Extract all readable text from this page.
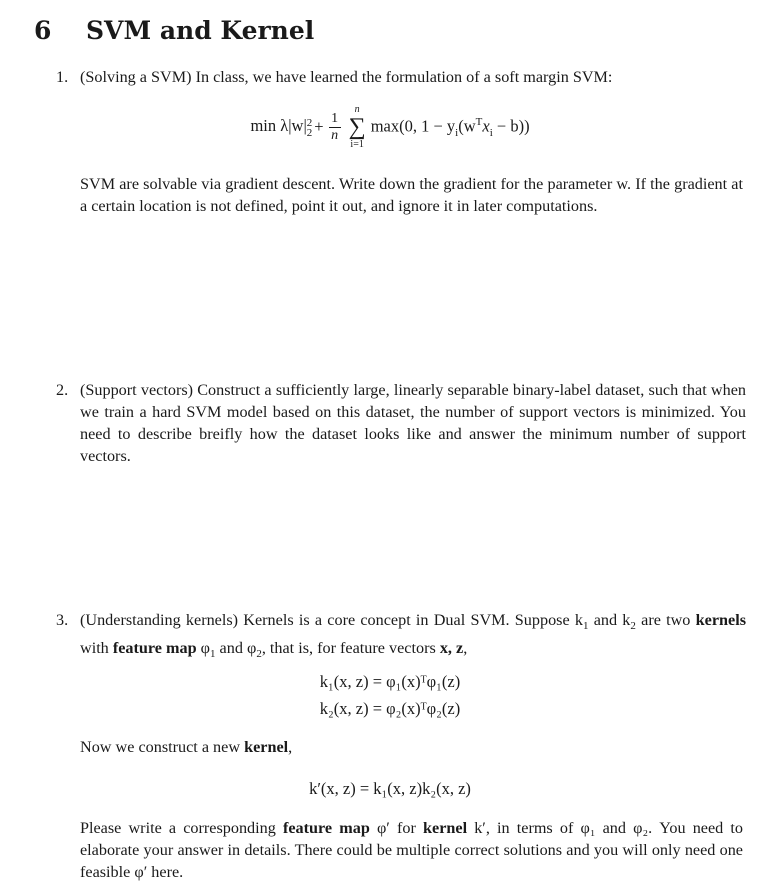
6	SVM and Kernel
1. (Solving a SVM) In class, we have learned the formulation of a soft margin SVM:
min λ|w| 2
$2 + \frac{1}{n}$
n
∑
i=1
max(0, $1 - y_i(w^Tx_i - b)$)
SVM are solvable via gradient descent. Write down the gradient for the parameter w. If the gradient at a certain location is not defined, point it out, and ignore it in later computations.
2. (Support vectors) Construct a sufficiently large, linearly separable binary-label dataset, such that when we train a hard SVM model based on this dataset, the number of support vectors is minimized. You need to describe breifly how the dataset looks like and answer the minimum number of support vectors.
3. (Understanding kernels) Kernels is a core concept in Dual SVM. Suppose $k_1$ and $k_2$ are two kernels with feature map $\varphi_1$ and $\varphi_2$, that is, for feature vectors x, z,
k₁(x, z) = φ₁(x)ᵀφ₁(z)
k₂(x, z) = φ₂(x)ᵀφ₂(z)
Now we construct a new kernel,
k′(x, z) = k₁(x, z)k₂(x, z)
Please write a corresponding feature map φ′ for kernel k′, in terms of φ₁ and φ₂. You need to elaborate your answer in details. There could be multiple correct solutions and you will only need one feasible φ′ here.
